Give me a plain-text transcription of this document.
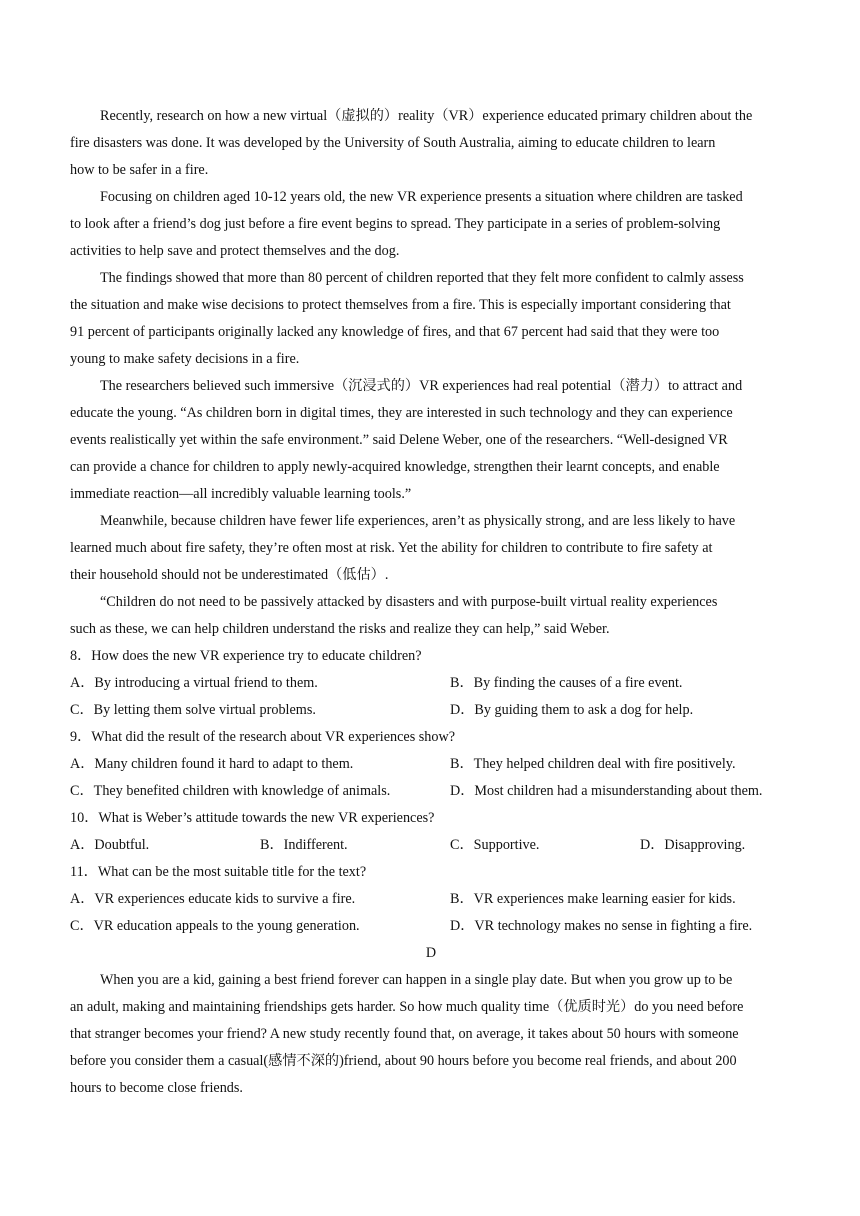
Recently, research on how a new virtual（虚拟的）reality（VR）experience educated primary children about the
fire disasters was done. It was developed by the University of South Australia, aiming to educate children to learn
how to be safer in a fire.
Focusing on children aged 10-12 years old, the new VR experience presents a situation where children are tasked
to look after a friend’s dog just before a fire event begins to spread. They participate in a series of problem-solving
activities to help save and protect themselves and the dog.
The findings showed that more than 80 percent of children reported that they felt more confident to calmly assess
the situation and make wise decisions to protect themselves from a fire. This is especially important considering that
91 percent of participants originally lacked any knowledge of fires, and that 67 percent had said that they were too
young to make safety decisions in a fire.
The researchers believed such immersive（沉浸式的）VR experiences had real potential（潜力）to attract and
educate the young. “As children born in digital times, they are interested in such technology and they can experience
events realistically yet within the safe environment.” said Delene Weber, one of the researchers. “Well-designed VR
can provide a chance for children to apply newly-acquired knowledge, strengthen their learnt concepts, and enable
immediate reaction—all incredibly valuable learning tools.”
Meanwhile, because children have fewer life experiences, aren’t as physically strong, and are less likely to have
learned much about fire safety, they’re often most at risk. Yet the ability for children to contribute to fire safety at
their household should not be underestimated（低估）.
“Children do not need to be passively attacked by disasters and with purpose-built virtual reality experiences
such as these, we can help children understand the risks and realize they can help,” said Weber.
8．How does the new VR experience try to educate children?
A．By introducing a virtual friend to them.	B．By finding the causes of a fire event.
C．By letting them solve virtual problems.	D．By guiding them to ask a dog for help.
9．What did the result of the research about VR experiences show?
A．Many children found it hard to adapt to them.	B．They helped children deal with fire positively.
C．They benefited children with knowledge of animals.	D．Most children had a misunderstanding about them.
10．What is Weber’s attitude towards the new VR experiences?
A．Doubtful.	B．Indifferent.	C．Supportive.	D．Disapproving.
11．What can be the most suitable title for the text?
A．VR experiences educate kids to survive a fire.	B．VR experiences make learning easier for kids.
C．VR education appeals to the young generation.	D．VR technology makes no sense in fighting a fire.
D
When you are a kid, gaining a best friend forever can happen in a single play date. But when you grow up to be
an adult, making and maintaining friendships gets harder. So how much quality time（优质时光）do you need before
that stranger becomes your friend? A new study recently found that, on average, it takes about 50 hours with someone
before you consider them a casual(感情不深的)friend, about 90 hours before you become real friends, and about 200
hours to become close friends.
